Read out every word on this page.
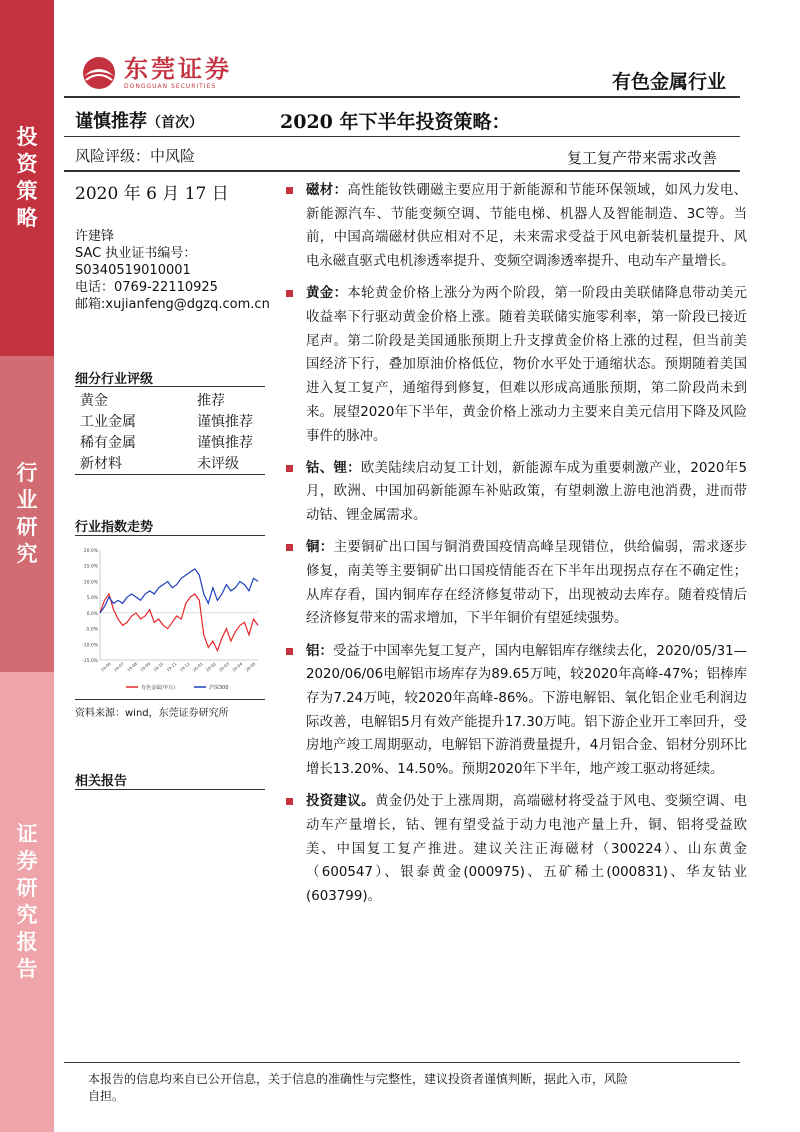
投
资
策
略
行
业
研
究
证
券
研
究
报
告
东莞证券
DONGGUAN SECURITIES	有色金属行业
谨慎推荐（首次）	2020 年下半年投资策略：
风险评级：中风险	复工复产带来需求改善
2020 年 6 月 17 日
许建锋
SAC 执业证书编号：
S0340519010001
电话：0769-22110925
邮箱:xujianfeng@dgzq.com.cn
细分行业评级
黄金	推荐
工业金属	谨慎推荐
稀有金属	谨慎推荐
新材料	未评级
行业指数走势
20.0%
15.0%
10.0%
5.0%
0.0%
-5.0%
-10.0%
-15.0% 19-06 19-07 19-08 19-09 19-10 19-11 19-12 20-01 20-02 20-03 20-04 20-05
有色金属(申万)	沪深300
资料来源：wind，东莞证券研究所
相关报告
磁材：高性能钕铁硼磁主要应用于新能源和节能环保领域，如风力发电、新能源汽车、节能变频空调、节能电梯、机器人及智能制造、3C等。当前，中国高端磁材供应相对不足，未来需求受益于风电新装机量提升、风电永磁直驱式电机渗透率提升、变频空调渗透率提升、电动车产量增长。
黄金：本轮黄金价格上涨分为两个阶段，第一阶段由美联储降息带动美元收益率下行驱动黄金价格上涨。随着美联储实施零利率，第一阶段已接近尾声。第二阶段是美国通胀预期上升支撑黄金价格上涨的过程，但当前美国经济下行，叠加原油价格低位，物价水平处于通缩状态。预期随着美国进入复工复产，通缩得到修复，但难以形成高通胀预期，第二阶段尚未到来。展望2020年下半年，黄金价格上涨动力主要来自美元信用下降及风险事件的脉冲。
钴、锂：欧美陆续启动复工计划，新能源车成为重要刺激产业，2020年5月，欧洲、中国加码新能源车补贴政策，有望刺激上游电池消费，进而带动钴、锂金属需求。
铜：主要铜矿出口国与铜消费国疫情高峰呈现错位，供给偏弱，需求逐步修复，南美等主要铜矿出口国疫情能否在下半年出现拐点存在不确定性；从库存看，国内铜库存在经济修复带动下，出现被动去库存。随着疫情后经济修复带来的需求增加，下半年铜价有望延续强势。
铝：受益于中国率先复工复产，国内电解铝库存继续去化，2020/05/31—2020/06/06电解铝市场库存为89.65万吨，较2020年高峰-47%；铝棒库存为7.24万吨，较2020年高峰-86%。下游电解铝、氧化铝企业毛利润边际改善，电解铝5月有效产能提升17.30万吨。铝下游企业开工率回升，受房地产竣工周期驱动，电解铝下游消费量提升，4月铝合金、铝材分别环比增长13.20%、14.50%。预期2020年下半年，地产竣工驱动将延续。
投资建议。黄金仍处于上涨周期，高端磁材将受益于风电、变频空调、电动车产量增长，钴、锂有望受益于动力电池产量上升，铜、铝将受益欧美、中国复工复产推进。建议关注正海磁材（300224）、山东黄金（600547）、银泰黄金(000975)、五矿稀土(000831)、华友钴业(603799)。
本报告的信息均来自已公开信息，关于信息的准确性与完整性，建议投资者谨慎判断，据此入市，风险
自担。
